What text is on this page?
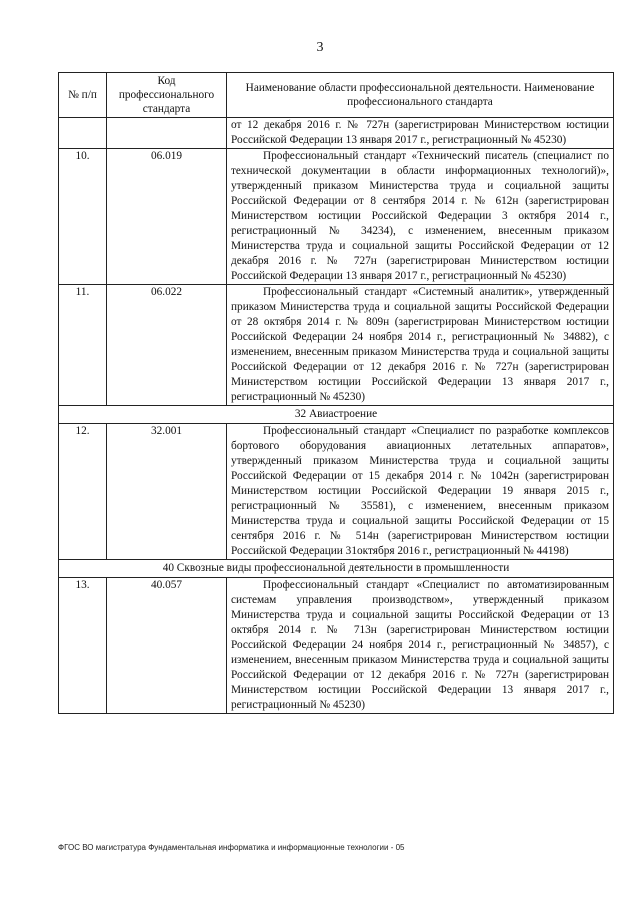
3
№ п/п	Код профессионального стандарта	Наименование области профессиональной деятельности. Наименование профессионального стандарта
		от 12 декабря 2016 г. № 727н (зарегистрирован Министерством юстиции Российской Федерации 13 января 2017 г., регистрационный № 45230)
10.	06.019	Профессиональный стандарт «Технический писатель (специалист по технической документации в области информационных технологий)», утвержденный приказом Министерства труда и социальной защиты Российской Федерации от 8 сентября 2014 г. № 612н (зарегистрирован Министерством юстиции Российской Федерации 3 октября 2014 г., регистрационный № 34234), с изменением, внесенным приказом Министерства труда и социальной защиты Российской Федерации от 12 декабря 2016 г. № 727н (зарегистрирован Министерством юстиции Российской Федерации 13 января 2017 г., регистрационный № 45230)
11.	06.022	Профессиональный стандарт «Системный аналитик», утвержденный приказом Министерства труда и социальной защиты Российской Федерации от 28 октября 2014 г. № 809н (зарегистрирован Министерством юстиции Российской Федерации 24 ноября 2014 г., регистрационный № 34882), с изменением, внесенным приказом Министерства труда и социальной защиты Российской Федерации от 12 декабря 2016 г. № 727н (зарегистрирован Министерством юстиции Российской Федерации 13 января 2017 г., регистрационный № 45230)
32 Авиастроение		
12.	32.001	Профессиональный стандарт «Специалист по разработке комплексов бортового оборудования авиационных летательных аппаратов», утвержденный приказом Министерства труда и социальной защиты Российской Федерации от 15 декабря 2014 г. № 1042н (зарегистрирован Министерством юстиции Российской Федерации 19 января 2015 г., регистрационный № 35581), с изменением, внесенным приказом Министерства труда и социальной защиты Российской Федерации от 15 сентября 2016 г. № 514н (зарегистрирован Министерством юстиции Российской Федерации 31октября 2016 г., регистрационный № 44198)
40 Сквозные виды профессиональной деятельности в промышленности		
13.	40.057	Профессиональный стандарт «Специалист по автоматизированным системам управления производством», утвержденный приказом Министерства труда и социальной защиты Российской Федерации от 13 октября 2014 г. № 713н (зарегистрирован Министерством юстиции Российской Федерации 24 ноября 2014 г., регистрационный № 34857), с изменением, внесенным приказом Министерства труда и социальной защиты Российской Федерации от 12 декабря 2016 г. № 727н (зарегистрирован Министерством юстиции Российской Федерации 13 января 2017 г., регистрационный № 45230)
ФГОС ВО магистратура Фундаментальная информатика и информационные технологии - 05
